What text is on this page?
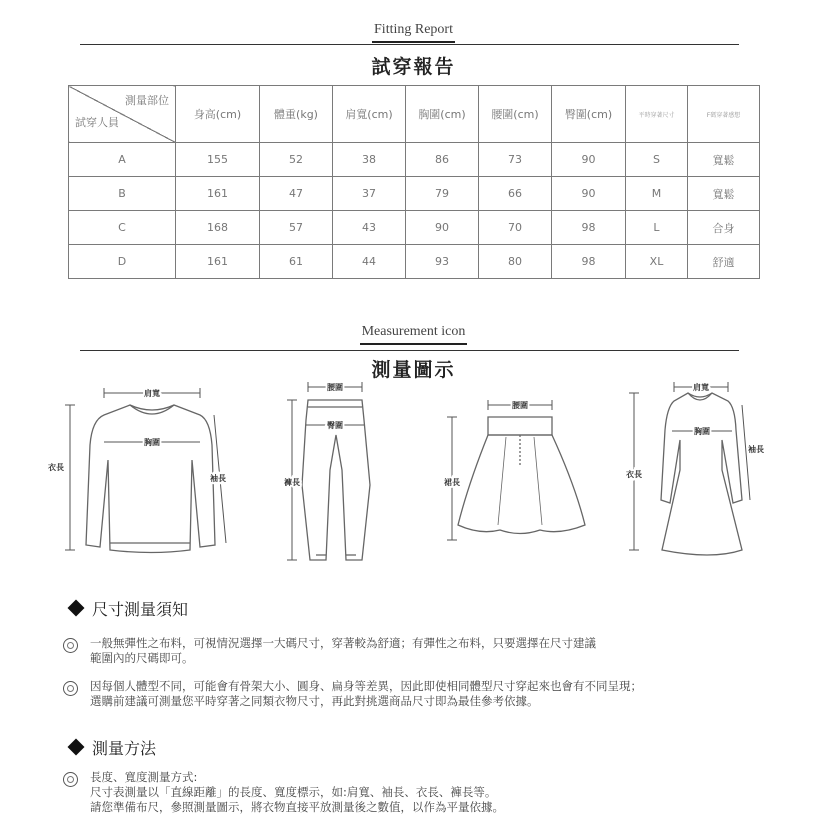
Fitting Report
試穿報告
測量部位
試穿人員	身高(cm)	體重(kg)	肩寬(cm)	胸圍(cm)	腰圍(cm)	臀圍(cm)	平時穿著尺寸	F碼穿著感想
A	155	52	38	86	73	90	S	寬鬆
B	161	47	37	79	66	90	M	寬鬆
C	168	57	43	90	70	98	L	合身
D	161	61	44	93	80	98	XL	舒適
Measurement icon
測量圖示
肩寬
胸圍
衣長
袖長
腰圍
臀圍
褲長
腰圍
裙長
肩寬
胸圍
衣長
袖長
尺寸測量須知
一般無彈性之布料，可視情況選擇一大碼尺寸，穿著較為舒適；有彈性之布料，只要選擇在尺寸建議
範圍內的尺碼即可。
因每個人體型不同，可能會有骨架大小、圓身、扁身等差異，因此即使相同體型尺寸穿起來也會有不同呈現；
選購前建議可測量您平時穿著之同類衣物尺寸，再此對挑選商品尺寸即為最佳參考依據。
測量方法
長度、寬度測量方式:
尺寸表測量以「直線距離」的長度、寬度標示，如:肩寬、袖長、衣長、褲長等。
請您準備布尺，參照測量圖示，將衣物直接平放測量後之數值，以作為平量依據。
